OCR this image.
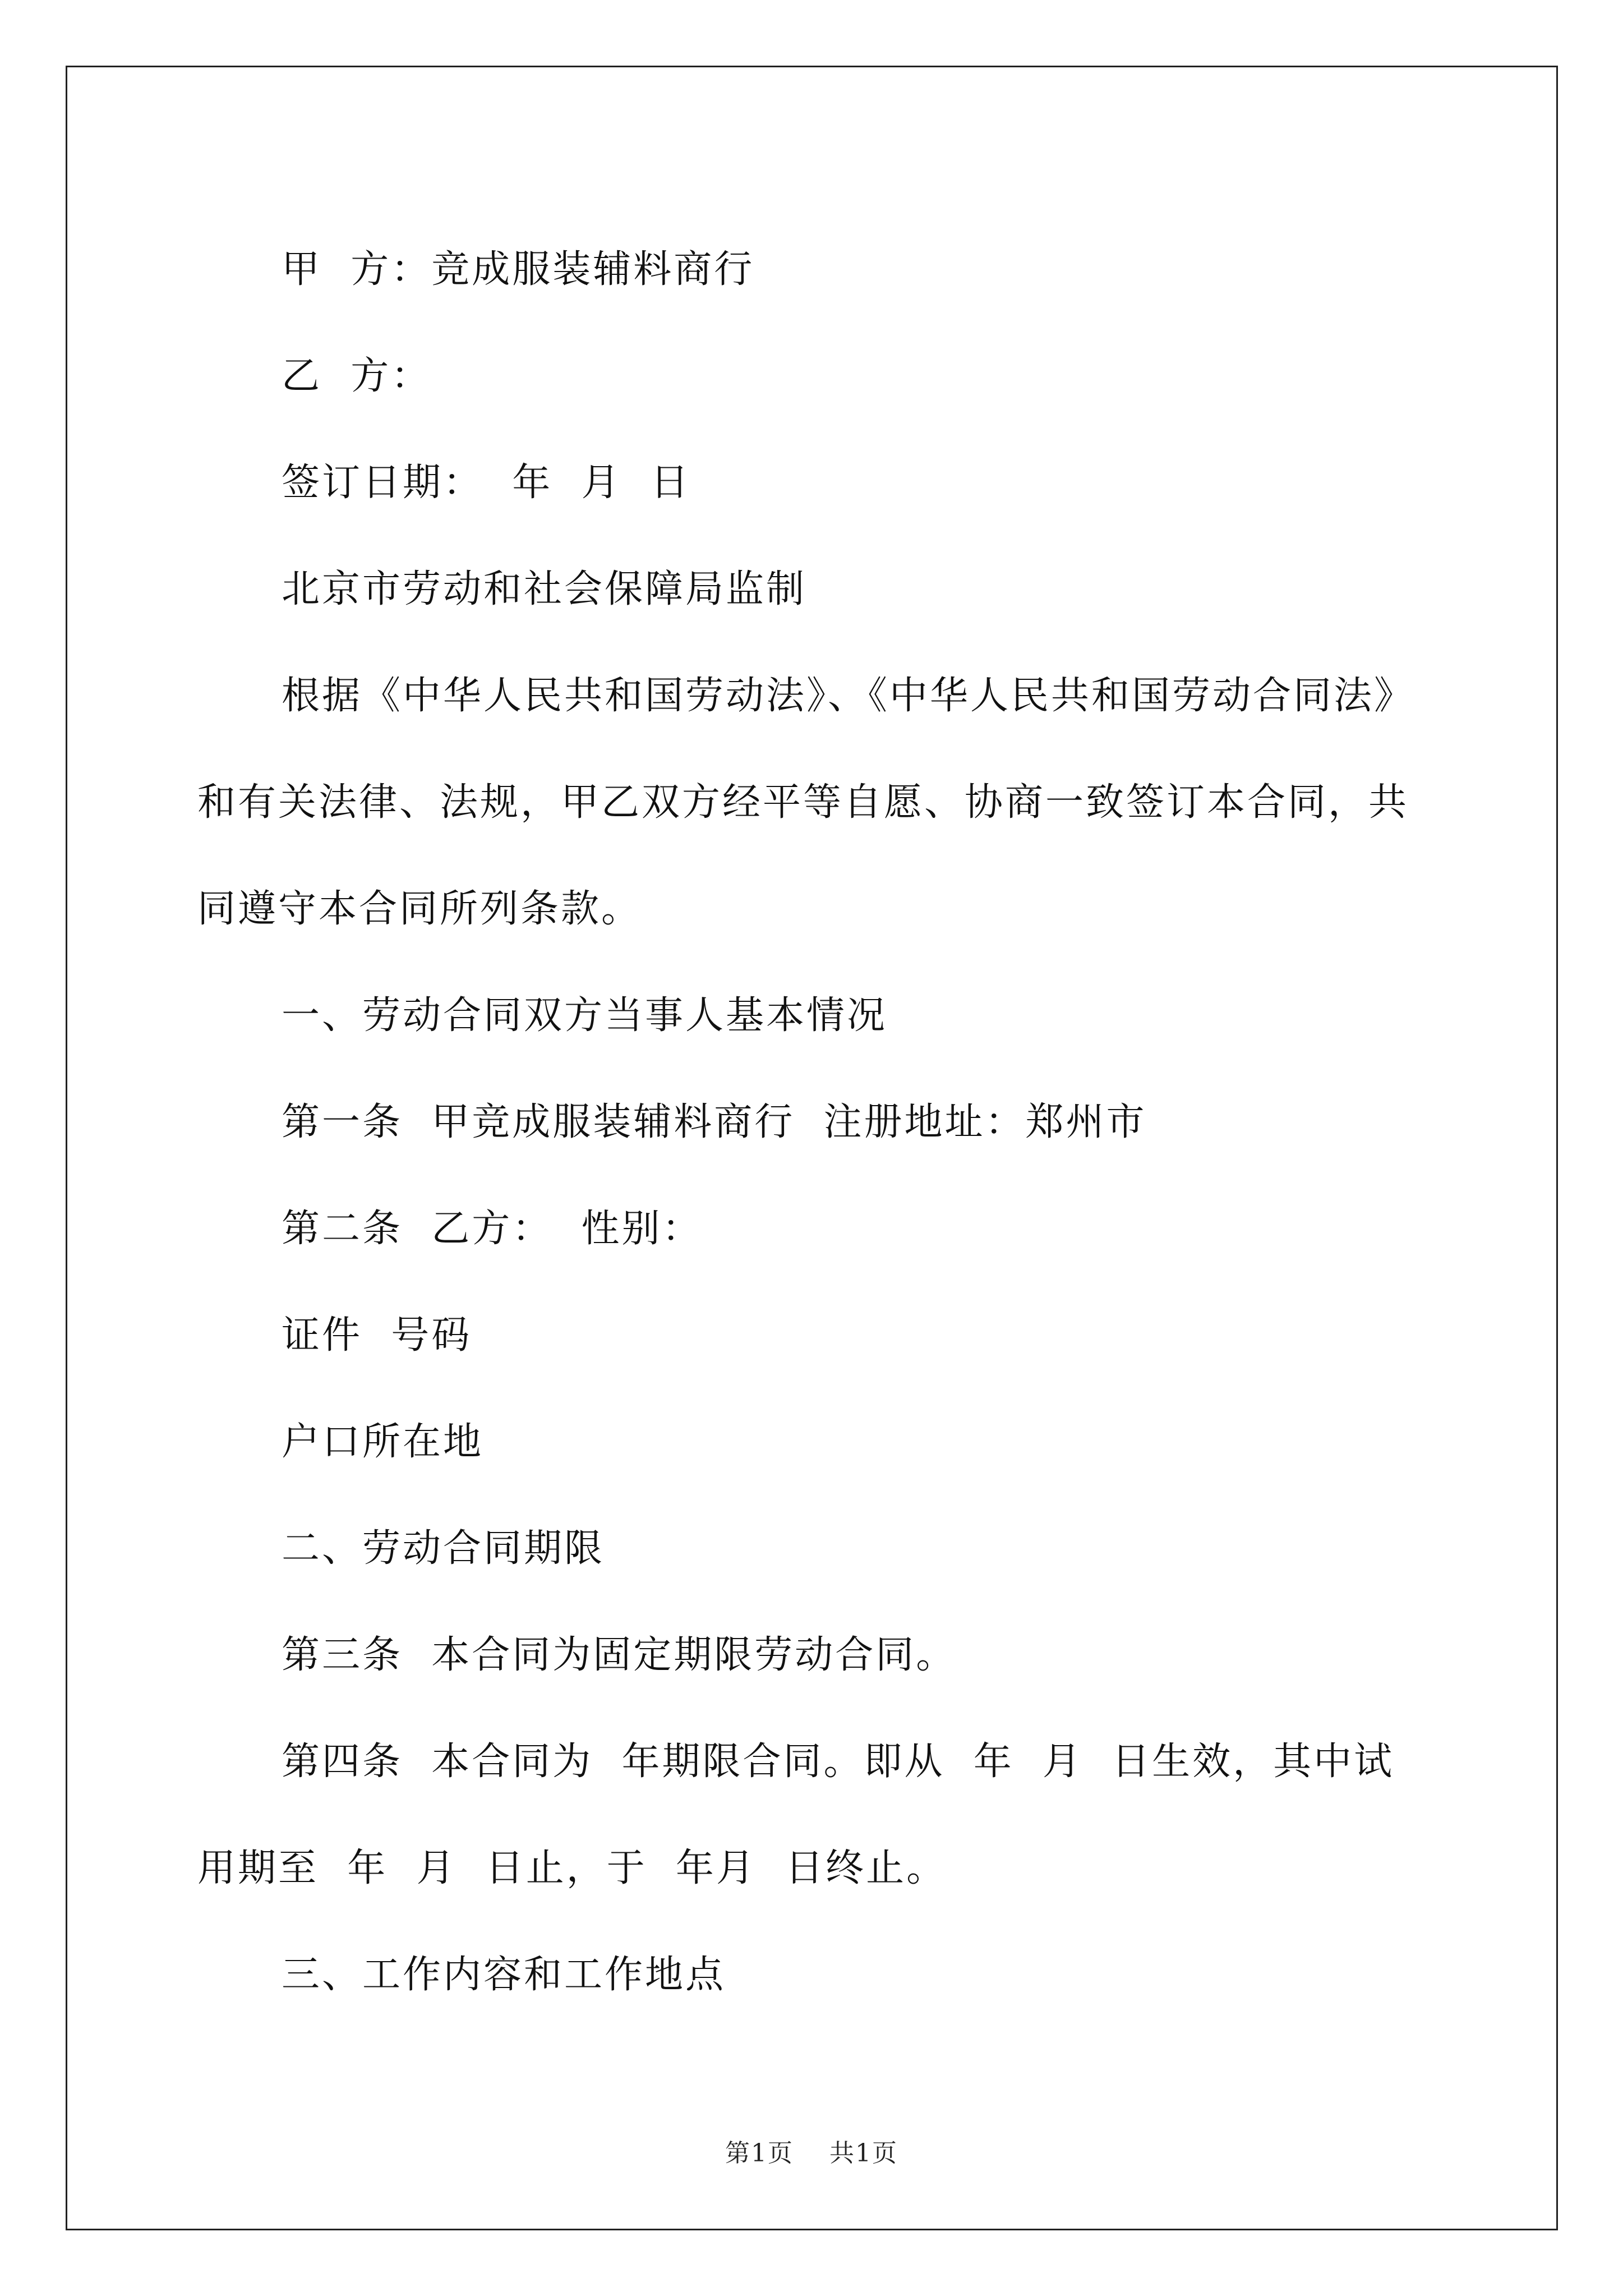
甲  方：竞成服装辅料商行

乙  方：

签订日期：  年  月  日

北京市劳动和社会保障局监制

根据《中华人民共和国劳动法》、《中华人民共和国劳动合同法》和有关法律、法规，甲乙双方经平等自愿、协商一致签订本合同，共同遵守本合同所列条款。

一、劳动合同双方当事人基本情况

第一条  甲竞成服装辅料商行  注册地址：郑州市

第二条  乙方：  性别：

证件  号码

户口所在地

二、劳动合同期限

第三条  本合同为固定期限劳动合同。

第四条  本合同为  年期限合同。即从  年  月  日生效，其中试用期至  年  月  日止，于  年月  日终止。

三、工作内容和工作地点

第1页    共1页
